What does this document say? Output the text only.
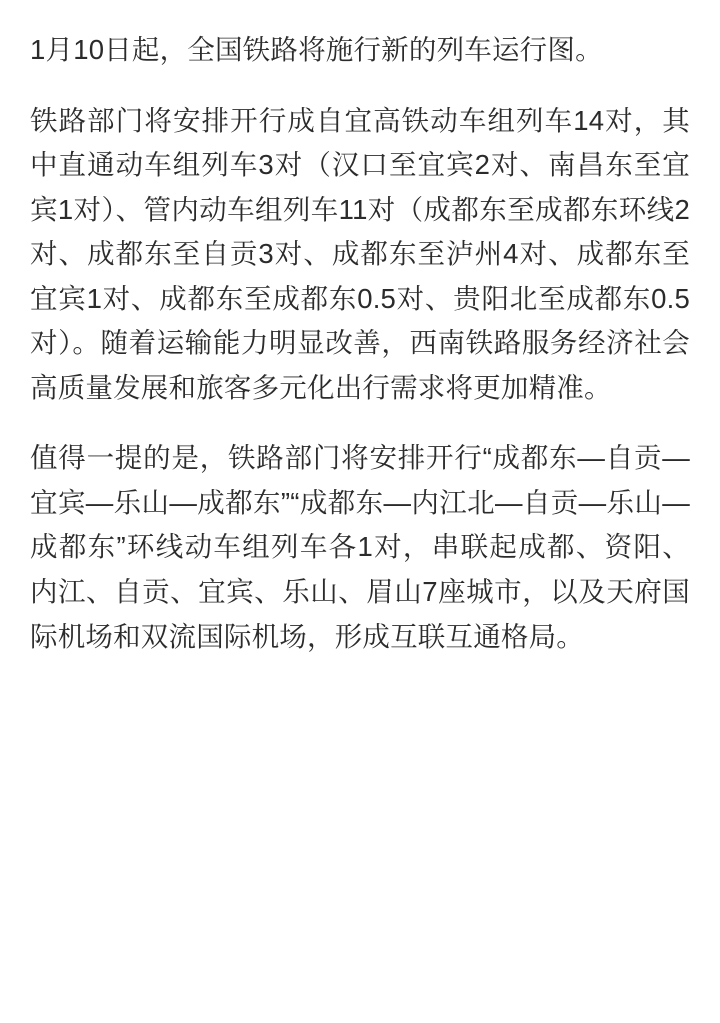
1月10日起，全国铁路将施行新的列车运行图。

铁路部门将安排开行成自宜高铁动车组列车14对，其中直通动车组列车3对（汉口至宜宾2对、南昌东至宜宾1对）、管内动车组列车11对（成都东至成都东环线2对、成都东至自贡3对、成都东至泸州4对、成都东至宜宾1对、成都东至成都东0.5对、贵阳北至成都东0.5对）。随着运输能力明显改善，西南铁路服务经济社会高质量发展和旅客多元化出行需求将更加精准。

值得一提的是，铁路部门将安排开行“成都东—自贡—宜宾—乐山—成都东”“成都东—内江北—自贡—乐山—成都东”环线动车组列车各1对，串联起成都、资阳、内江、自贡、宜宾、乐山、眉山7座城市，以及天府国际机场和双流国际机场，形成互联互通格局。
